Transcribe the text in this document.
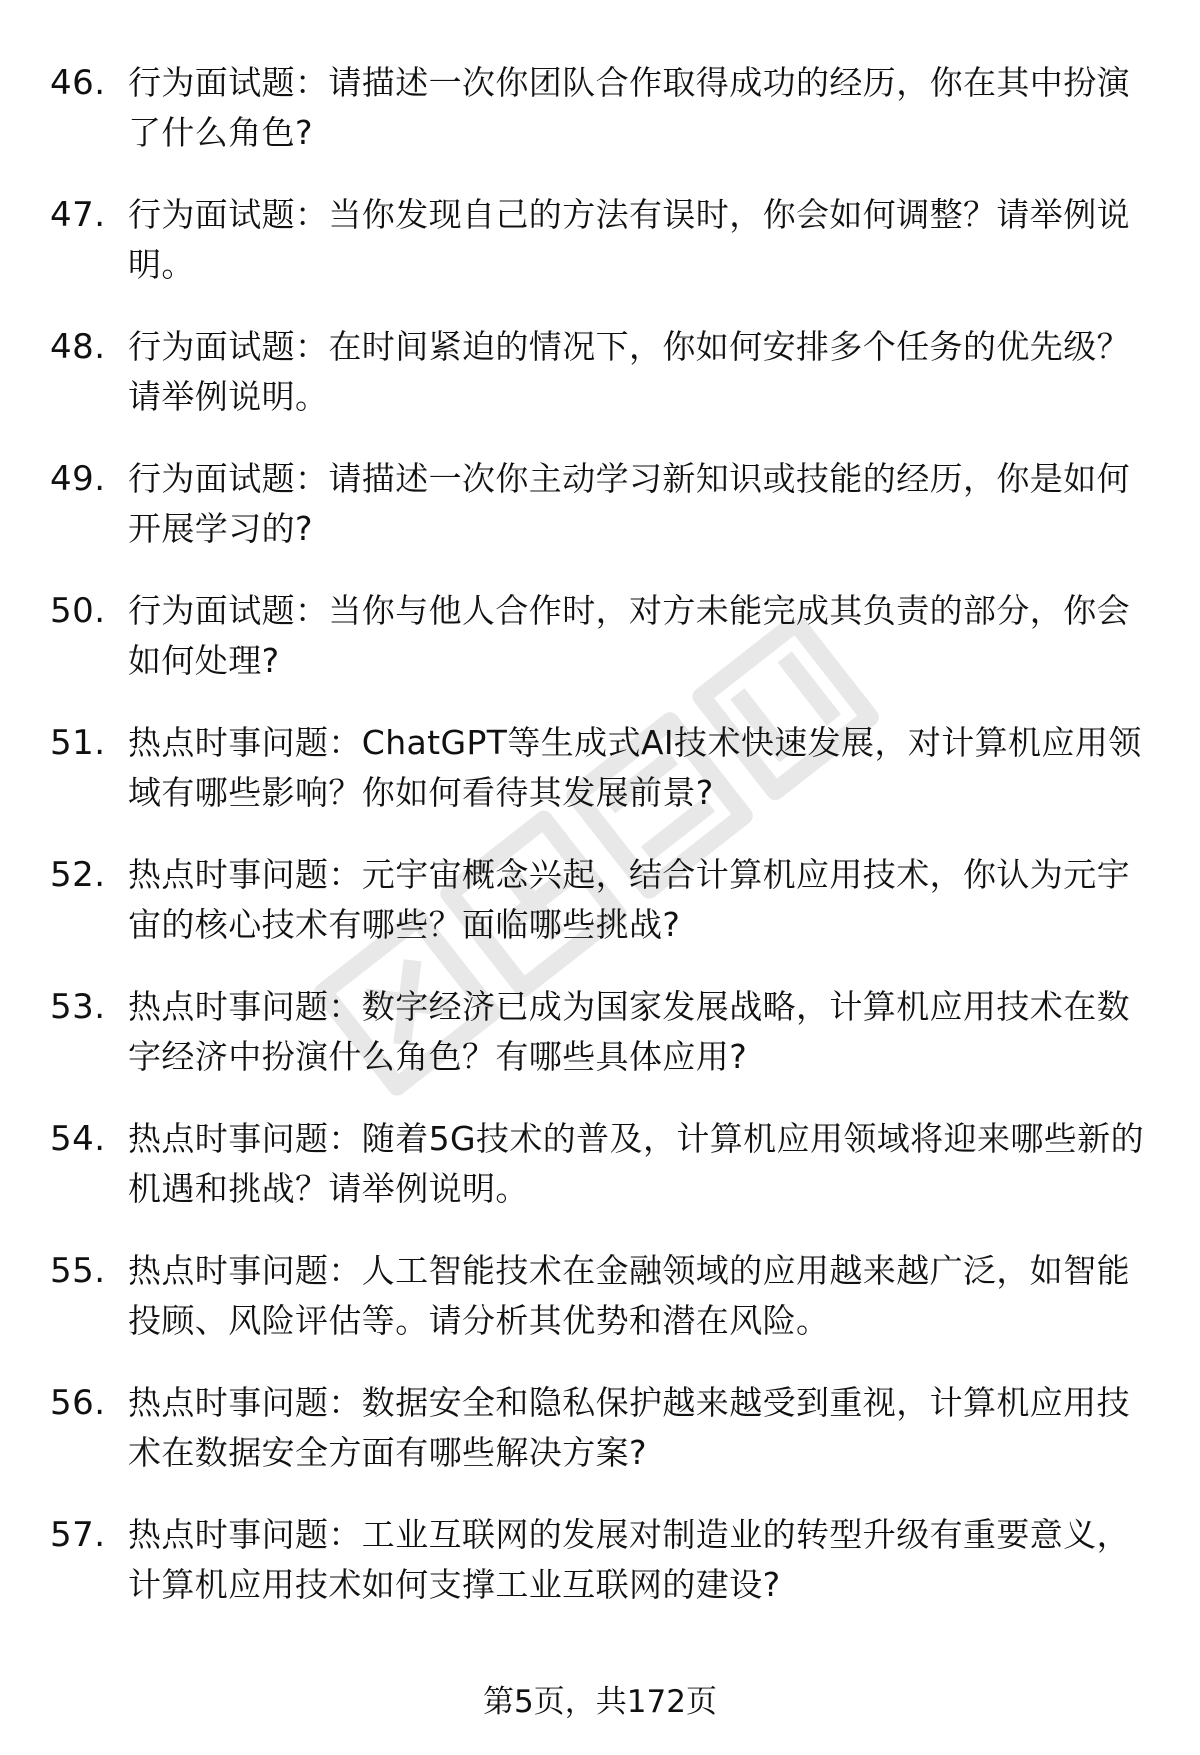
46. 行为面试题：请描述一次你团队合作取得成功的经历，你在其中扮演了什么角色?
47. 行为面试题：当你发现自己的方法有误时，你会如何调整？请举例说明。
48. 行为面试题：在时间紧迫的情况下，你如何安排多个任务的优先级？请举例说明。
49. 行为面试题：请描述一次你主动学习新知识或技能的经历，你是如何开展学习的?
50. 行为面试题：当你与他人合作时，对方未能完成其负责的部分，你会如何处理?
51. 热点时事问题：ChatGPT等生成式AI技术快速发展，对计算机应用领域有哪些影响？你如何看待其发展前景?
52. 热点时事问题：元宇宙概念兴起，结合计算机应用技术，你认为元宇宙的核心技术有哪些？面临哪些挑战?
53. 热点时事问题：数字经济已成为国家发展战略，计算机应用技术在数字经济中扮演什么角色？有哪些具体应用?
54. 热点时事问题：随着5G技术的普及，计算机应用领域将迎来哪些新的机遇和挑战？请举例说明。
55. 热点时事问题：人工智能技术在金融领域的应用越来越广泛，如智能投顾、风险评估等。请分析其优势和潜在风险。
56. 热点时事问题：数据安全和隐私保护越来越受到重视，计算机应用技术在数据安全方面有哪些解决方案?
57. 热点时事问题：工业互联网的发展对制造业的转型升级有重要意义，计算机应用技术如何支撑工业互联网的建设?
第5页，共172页
